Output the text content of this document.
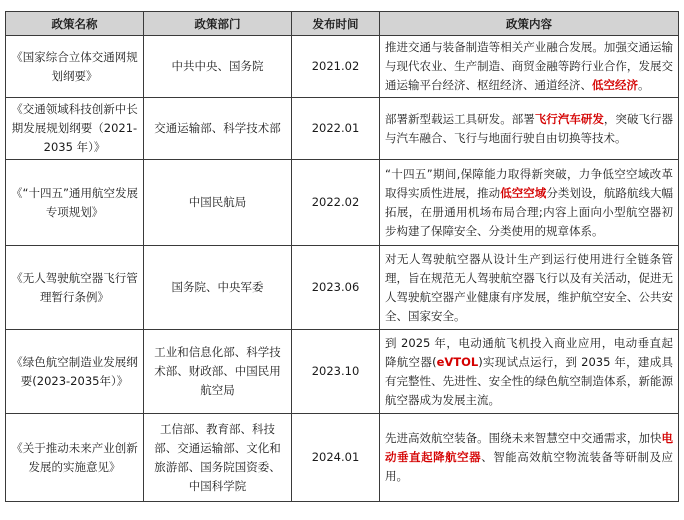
政策名称	政策部门	发布时间	政策内容
《国家综合立体交通网规划纲要》	中共中央、国务院	2021.02	推进交通与装备制造等相关产业融合发展。加强交通运输与现代农业、生产制造、商贸金融等跨行业合作，发展交通运输平台经济、枢纽经济、通道经济、低空经济。
《交通领域科技创新中长期发展规划纲要（2021-2035 年）》	交通运输部、科学技术部	2022.01	部署新型载运工具研发。部署飞行汽车研发，突破飞行器与汽车融合、飞行与地面行驶自由切换等技术。
《“十四五”通用航空发展专项规划》	中国民航局	2022.02	“十四五”期间,保障能力取得新突破，力争低空空域改革取得实质性进展，推动低空空域分类划设，航路航线大幅拓展，在册通用机场布局合理;内容上面向小型航空器初步构建了保障安全、分类使用的规章体系。
《无人驾驶航空器飞行管理暂行条例》	国务院、中央军委	2023.06	对无人驾驶航空器从设计生产到运行使用进行全链条管理，旨在规范无人驾驶航空器飞行以及有关活动，促进无人驾驶航空器产业健康有序发展，维护航空安全、公共安全、国家安全。
《绿色航空制造业发展纲要(2023-2035年）》	工业和信息化部、科学技术部、财政部、中国民用航空局	2023.10	到 2025 年，电动通航飞机投入商业应用，电动垂直起降航空器(eVTOL)实现试点运行，到 2035 年，建成具有完整性、先进性、安全性的绿色航空制造体系，新能源航空器成为发展主流。
《关于推动未来产业创新发展的实施意见》	工信部、教育部、科技部、交通运输部、文化和旅游部、国务院国资委、中国科学院	2024.01	先进高效航空装备。围绕未来智慧空中交通需求，加快电动垂直起降航空器、智能高效航空物流装备等研制及应用。
